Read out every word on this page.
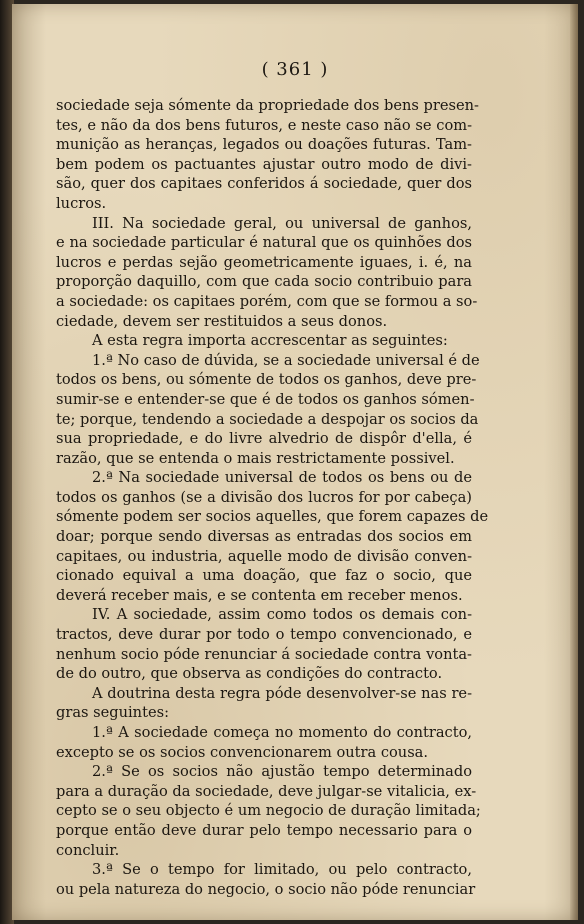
( 361 )
sociedade seja sómente da propriedade dos bens presen-
tes, e não da dos bens futuros, e neste caso não se com-
munição as heranças, legados ou doações futuras. Tam-
bem podem os pactuantes ajustar outro modo de divi-
são, quer dos capitaes conferidos á sociedade, quer dos
lucros.
III. Na sociedade geral, ou universal de ganhos,
e na sociedade particular é natural que os quinhões dos
lucros e perdas sejão geometricamente iguaes, i. é, na
proporção daquillo, com que cada socio contribuio para
a sociedade: os capitaes porém, com que se formou a so-
ciedade, devem ser restituidos a seus donos.
A esta regra importa accrescentar as seguintes:
1.ª No caso de dúvida, se a sociedade universal é de
todos os bens, ou sómente de todos os ganhos, deve pre-
sumir-se e entender-se que é de todos os ganhos sómen-
te; porque, tendendo a sociedade a despojar os socios da
sua propriedade, e do livre alvedrio de dispôr d'ella, é
razão, que se entenda o mais restrictamente possivel.
2.ª Na sociedade universal de todos os bens ou de
todos os ganhos (se a divisão dos lucros for por cabeça)
sómente podem ser socios aquelles, que forem capazes de
doar; porque sendo diversas as entradas dos socios em
capitaes, ou industria, aquelle modo de divisão conven-
cionado equival a uma doação, que faz o socio, que
deverá receber mais, e se contenta em receber menos.
IV. A sociedade, assim como todos os demais con-
tractos, deve durar por todo o tempo convencionado, e
nenhum socio póde renunciar á sociedade contra vonta-
de do outro, que observa as condições do contracto.
A doutrina desta regra póde desenvolver-se nas re-
gras seguintes:
1.ª A sociedade começa no momento do contracto,
excepto se os socios convencionarem outra cousa.
2.ª Se os socios não ajustão tempo determinado
para a duração da sociedade, deve julgar-se vitalicia, ex-
cepto se o seu objecto é um negocio de duração limitada;
porque então deve durar pelo tempo necessario para o
concluir.
3.ª Se o tempo for limitado, ou pelo contracto,
ou pela natureza do negocio, o socio não póde renunciar
